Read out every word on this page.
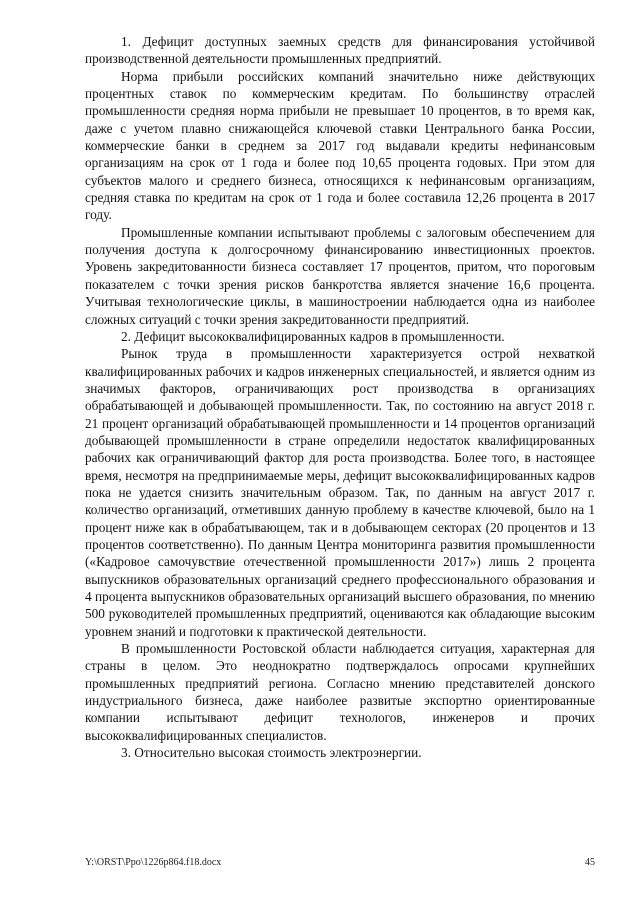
1. Дефицит доступных заемных средств для финансирования устойчивой производственной деятельности промышленных предприятий.

Норма прибыли российских компаний значительно ниже действующих процентных ставок по коммерческим кредитам. По большинству отраслей промышленности средняя норма прибыли не превышает 10 процентов, в то время как, даже с учетом плавно снижающейся ключевой ставки Центрального банка России, коммерческие банки в среднем за 2017 год выдавали кредиты нефинансовым организациям на срок от 1 года и более под 10,65 процента годовых. При этом для субъектов малого и среднего бизнеса, относящихся к нефинансовым организациям, средняя ставка по кредитам на срок от 1 года и более составила 12,26 процента в 2017 году.

Промышленные компании испытывают проблемы с залоговым обеспечением для получения доступа к долгосрочному финансированию инвестиционных проектов. Уровень закредитованности бизнеса составляет 17 процентов, притом, что пороговым показателем с точки зрения рисков банкротства является значение 16,6 процента. Учитывая технологические циклы, в машиностроении наблюдается одна из наиболее сложных ситуаций с точки зрения закредитованности предприятий.

2. Дефицит высококвалифицированных кадров в промышленности.

Рынок труда в промышленности характеризуется острой нехваткой квалифицированных рабочих и кадров инженерных специальностей, и является одним из значимых факторов, ограничивающих рост производства в организациях обрабатывающей и добывающей промышленности. Так, по состоянию на август 2018 г. 21 процент организаций обрабатывающей промышленности и 14 процентов организаций добывающей промышленности в стране определили недостаток квалифицированных рабочих как ограничивающий фактор для роста производства. Более того, в настоящее время, несмотря на предпринимаемые меры, дефицит высококвалифицированных кадров пока не удается снизить значительным образом. Так, по данным на август 2017 г. количество организаций, отметивших данную проблему в качестве ключевой, было на 1 процент ниже как в обрабатывающем, так и в добывающем секторах (20 процентов и 13 процентов соответственно). По данным Центра мониторинга развития промышленности («Кадровое самочувствие отечественной промышленности 2017») лишь 2 процента выпускников образовательных организаций среднего профессионального образования и 4 процента выпускников образовательных организаций высшего образования, по мнению 500 руководителей промышленных предприятий, оцениваются как обладающие высоким уровнем знаний и подготовки к практической деятельности.

В промышленности Ростовской области наблюдается ситуация, характерная для страны в целом. Это неоднократно подтверждалось опросами крупнейших промышленных предприятий региона. Согласно мнению представителей донского индустриального бизнеса, даже наиболее развитые экспортно ориентированные компании испытывают дефицит технологов, инженеров и прочих высококвалифицированных специалистов.

3. Относительно высокая стоимость электроэнергии.

Y:\ORST\Ppo\1226p864.f18.docx	45
